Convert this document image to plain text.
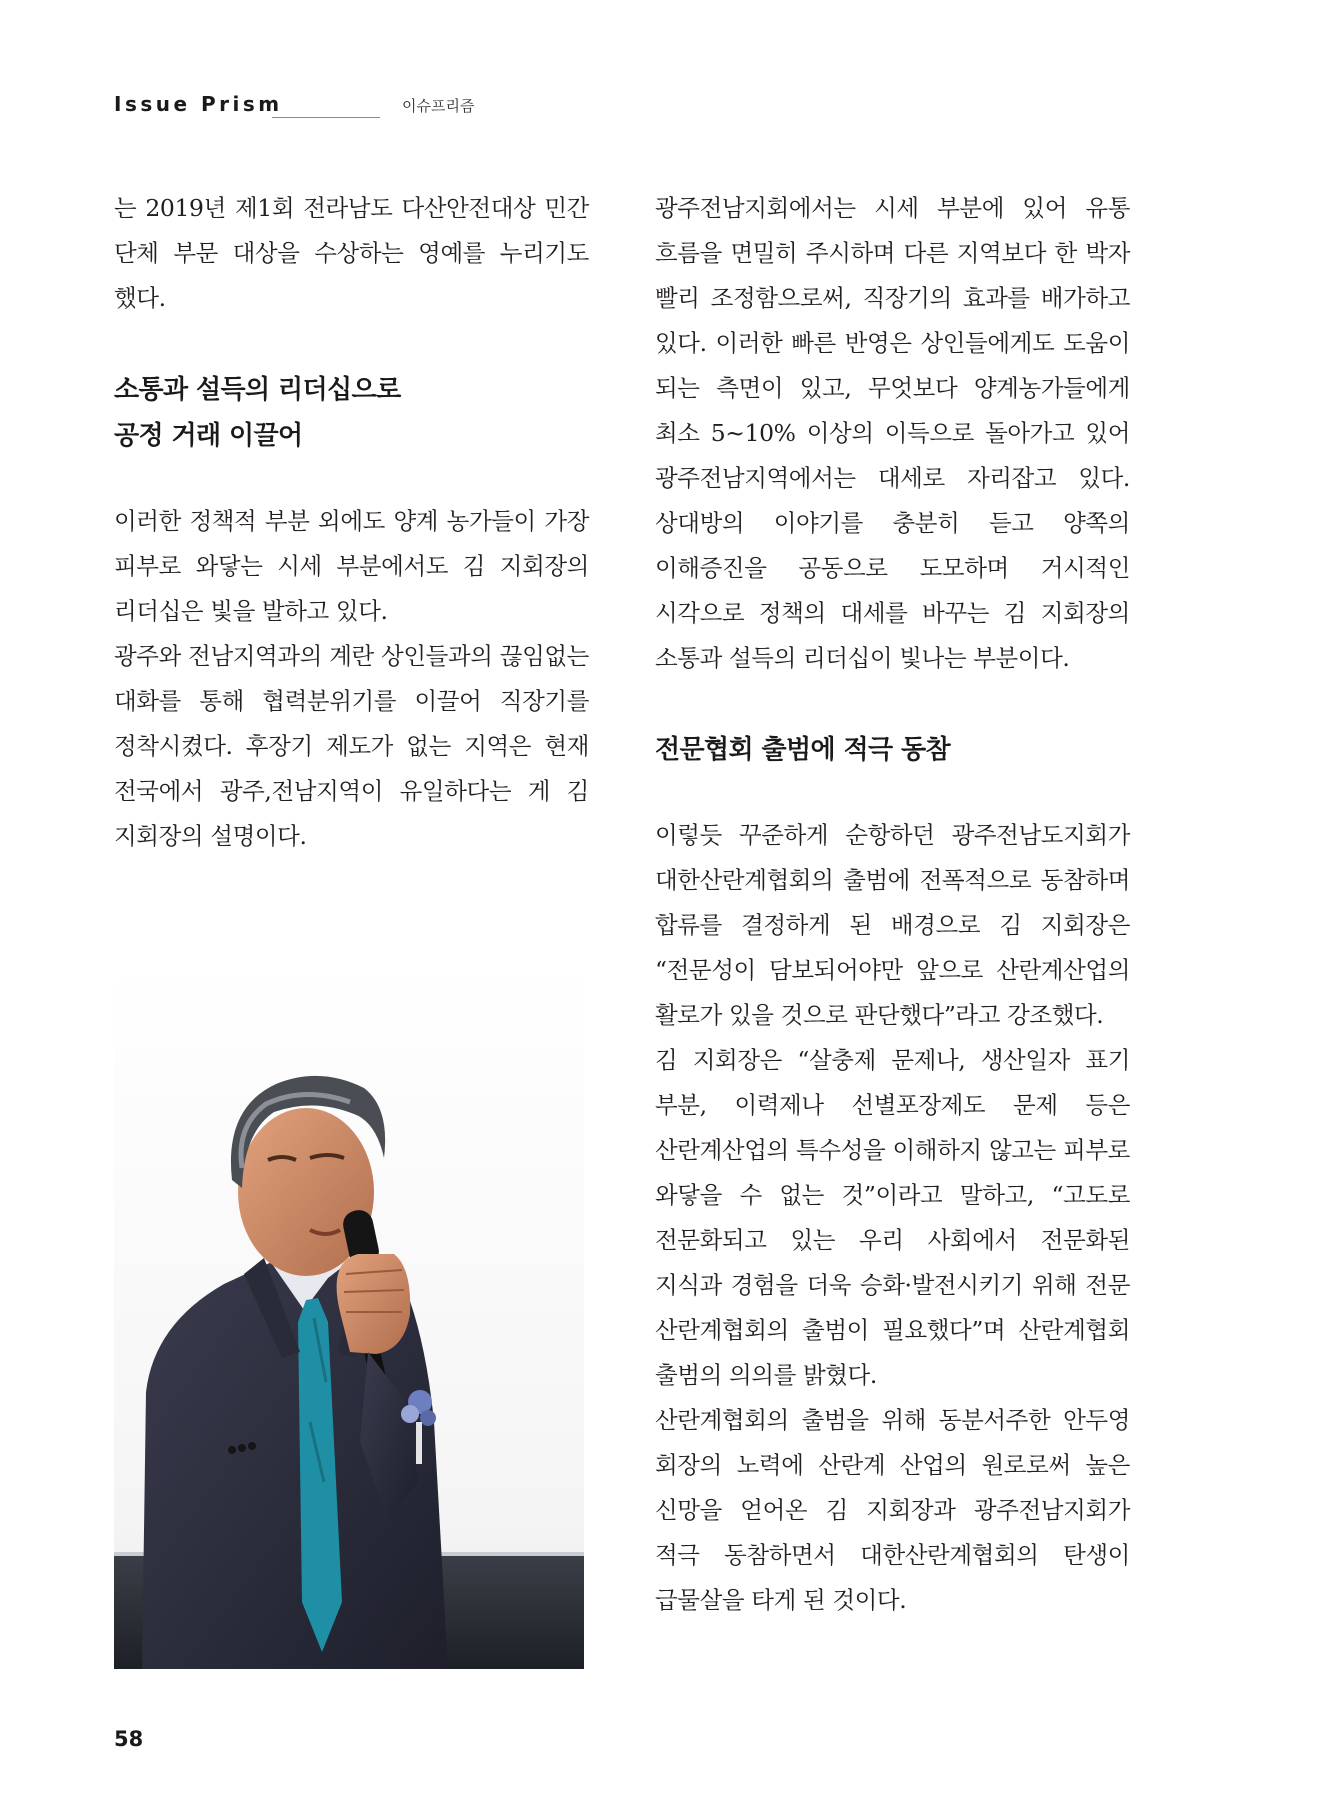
Issue Prism	이슈프리즘

는 2019년 제1회 전라남도 다산안전대상 민간 단체 부문 대상을 수상하는 영예를 누리기도 했다.

소통과 설득의 리더십으로
공정 거래 이끌어

이러한 정책적 부분 외에도 양계 농가들이 가장 피부로 와닿는 시세 부분에서도 김 지회장의 리더십은 빛을 발하고 있다.

광주와 전남지역과의 계란 상인들과의 끊임없는 대화를 통해 협력분위기를 이끌어 직장기를 정착시켰다. 후장기 제도가 없는 지역은 현재 전국에서 광주,전남지역이 유일하다는 게 김 지회장의 설명이다.

광주전남지회에서는 시세 부분에 있어 유통 흐름을 면밀히 주시하며 다른 지역보다 한 박자 빨리 조정함으로써, 직장기의 효과를 배가하고 있다. 이러한 빠른 반영은 상인들에게도 도움이 되는 측면이 있고, 무엇보다 양계농가들에게 최소 5~10% 이상의 이득으로 돌아가고 있어 광주전남지역에서는 대세로 자리잡고 있다. 상대방의 이야기를 충분히 듣고 양쪽의 이해증진을 공동으로 도모하며 거시적인 시각으로 정책의 대세를 바꾸는 김 지회장의 소통과 설득의 리더십이 빛나는 부분이다.

전문협회 출범에 적극 동참

이렇듯 꾸준하게 순항하던 광주전남도지회가 대한산란계협회의 출범에 전폭적으로 동참하며 합류를 결정하게 된 배경으로 김 지회장은 “전문성이 담보되어야만 앞으로 산란계산업의 활로가 있을 것으로 판단했다”라고 강조했다.

김 지회장은 “살충제 문제나, 생산일자 표기 부분, 이력제나 선별포장제도 문제 등은 산란계산업의 특수성을 이해하지 않고는 피부로 와닿을 수 없는 것”이라고 말하고, “고도로 전문화되고 있는 우리 사회에서 전문화된 지식과 경험을 더욱 승화·발전시키기 위해 전문 산란계협회의 출범이 필요했다”며 산란계협회 출범의 의의를 밝혔다.

산란계협회의 출범을 위해 동분서주한 안두영 회장의 노력에 산란계 산업의 원로로써 높은 신망을 얻어온 김 지회장과 광주전남지회가 적극 동참하면서 대한산란계협회의 탄생이 급물살을 타게 된 것이다.

58
